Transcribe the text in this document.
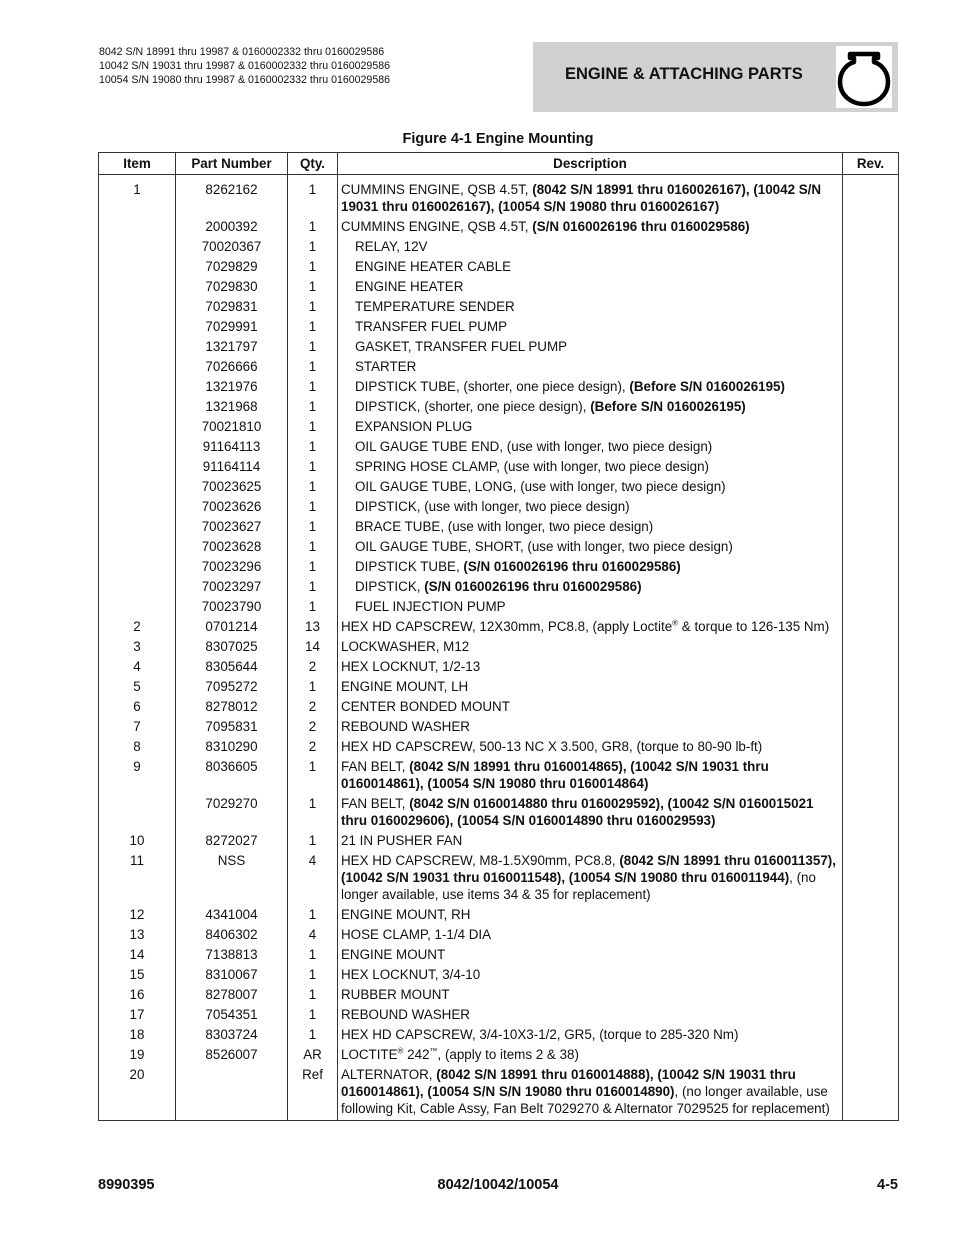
8042 S/N 18991 thru 19987 & 0160002332 thru 0160029586
10042 S/N 19031 thru 19987 & 0160002332 thru 0160029586
10054 S/N 19080 thru 19987 & 0160002332 thru 0160029586	ENGINE & ATTACHING PARTS
Figure 4-1 Engine Mounting
Item	Part Number	Qty.	Description	Rev.
1	8262162	1	CUMMINS ENGINE, QSB 4.5T, (8042 S/N 18991 thru 0160026167), (10042 S/N 19031 thru 0160026167), (10054 S/N 19080 thru 0160026167)	
	2000392	1	CUMMINS ENGINE, QSB 4.5T, (S/N 0160026196 thru 0160029586)	
	70020367	1	RELAY, 12V	
	7029829	1	ENGINE HEATER CABLE	
	7029830	1	ENGINE HEATER	
	7029831	1	TEMPERATURE SENDER	
	7029991	1	TRANSFER FUEL PUMP	
	1321797	1	GASKET, TRANSFER FUEL PUMP	
	7026666	1	STARTER	
	1321976	1	DIPSTICK TUBE, (shorter, one piece design), (Before S/N 0160026195)	
	1321968	1	DIPSTICK, (shorter, one piece design), (Before S/N 0160026195)	
	70021810	1	EXPANSION PLUG	
	91164113	1	OIL GAUGE TUBE END, (use with longer, two piece design)	
	91164114	1	SPRING HOSE CLAMP, (use with longer, two piece design)	
	70023625	1	OIL GAUGE TUBE, LONG, (use with longer, two piece design)	
	70023626	1	DIPSTICK, (use with longer, two piece design)	
	70023627	1	BRACE TUBE, (use with longer, two piece design)	
	70023628	1	OIL GAUGE TUBE, SHORT, (use with longer, two piece design)	
	70023296	1	DIPSTICK TUBE, (S/N 0160026196 thru 0160029586)	
	70023297	1	DIPSTICK, (S/N 0160026196 thru 0160029586)	
	70023790	1	FUEL INJECTION PUMP	
2	0701214	13	HEX HD CAPSCREW, 12X30mm, PC8.8, (apply Loctite® & torque to 126-135 Nm)	
3	8307025	14	LOCKWASHER, M12	
4	8305644	2	HEX LOCKNUT, 1/2-13	
5	7095272	1	ENGINE MOUNT, LH	
6	8278012	2	CENTER BONDED MOUNT	
7	7095831	2	REBOUND WASHER	
8	8310290	2	HEX HD CAPSCREW, 500-13 NC X 3.500, GR8, (torque to 80-90 lb-ft)	
9	8036605	1	FAN BELT, (8042 S/N 18991 thru 0160014865), (10042 S/N 19031 thru 0160014861), (10054 S/N 19080 thru 0160014864)	
	7029270	1	FAN BELT, (8042 S/N 0160014880 thru 0160029592), (10042 S/N 0160015021 thru 0160029606), (10054 S/N 0160014890 thru 0160029593)	
10	8272027	1	21 IN PUSHER FAN	
11	NSS	4	HEX HD CAPSCREW, M8-1.5X90mm, PC8.8, (8042 S/N 18991 thru 0160011357), (10042 S/N 19031 thru 0160011548), (10054 S/N 19080 thru 0160011944), (no longer available, use items 34 & 35 for replacement)	
12	4341004	1	ENGINE MOUNT, RH	
13	8406302	4	HOSE CLAMP, 1-1/4 DIA	
14	7138813	1	ENGINE MOUNT	
15	8310067	1	HEX LOCKNUT, 3/4-10	
16	8278007	1	RUBBER MOUNT	
17	7054351	1	REBOUND WASHER	
18	8303724	1	HEX HD CAPSCREW, 3/4-10X3-1/2, GR5, (torque to 285-320 Nm)	
19	8526007	AR	LOCTITE® 242™, (apply to items 2 & 38)	
20		Ref	ALTERNATOR, (8042 S/N 18991 thru 0160014888), (10042 S/N 19031 thru 0160014861), (10054 S/N S/N 19080 thru 0160014890), (no longer available, use following Kit, Cable Assy, Fan Belt 7029270 & Alternator 7029525 for replacement)	
8990395	8042/10042/10054	4-5
